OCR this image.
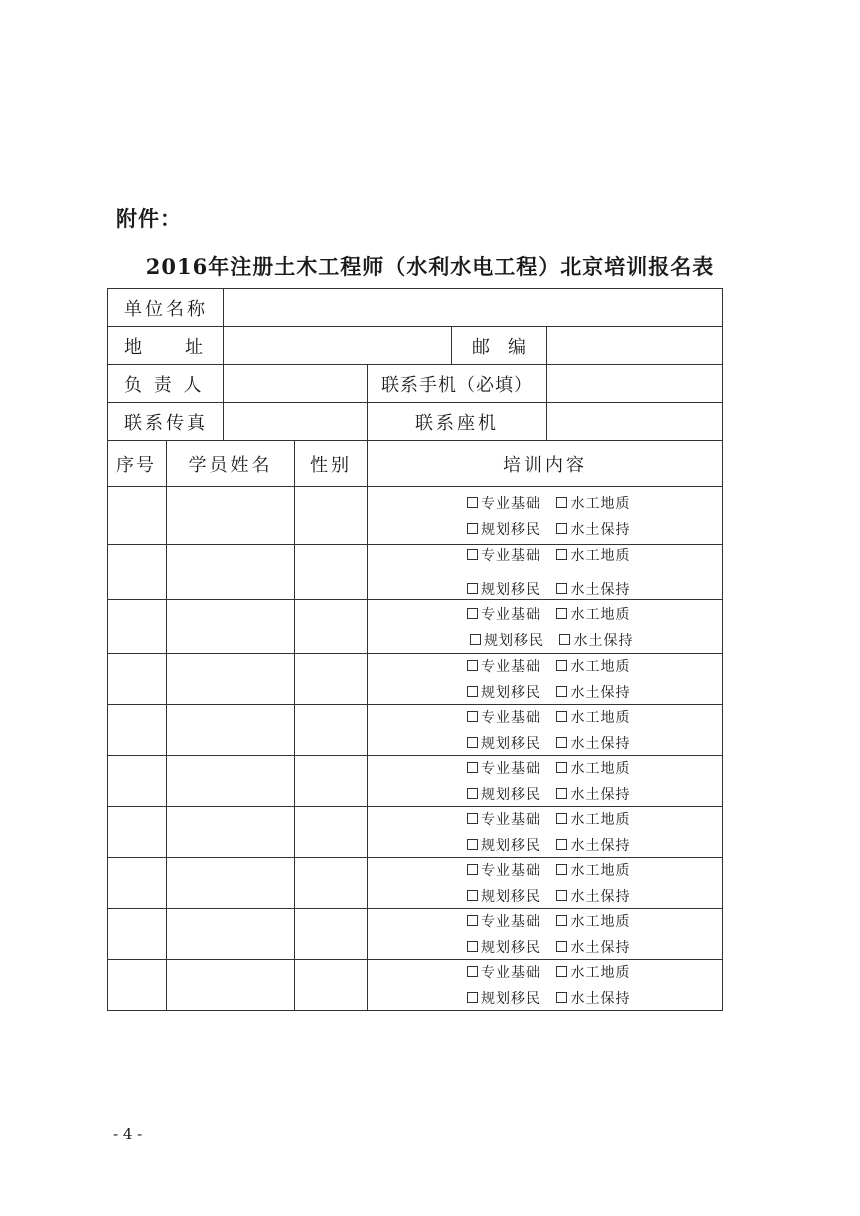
附件：
2016年注册土木工程师（水利水电工程）北京培训报名表
单位名称						

地 址					邮 编	

负 责 人				联系手机（必填）		
联系传真				联系座机		
序号	学员姓名		性别	培训内容		

				专业基础 水工地质
规划移民 水土保持		

				专业基础 水工地质
规划移民 水土保持		

				专业基础 水工地质
规划移民 水土保持		

				专业基础 水工地质
规划移民 水土保持		

				专业基础 水工地质
规划移民 水土保持		

				专业基础 水工地质
规划移民 水土保持		

				专业基础 水工地质
规划移民 水土保持		

				专业基础 水工地质
规划移民 水土保持		

				专业基础 水工地质
规划移民 水土保持		

				专业基础 水工地质
规划移民 水土保持		
- 4 -
